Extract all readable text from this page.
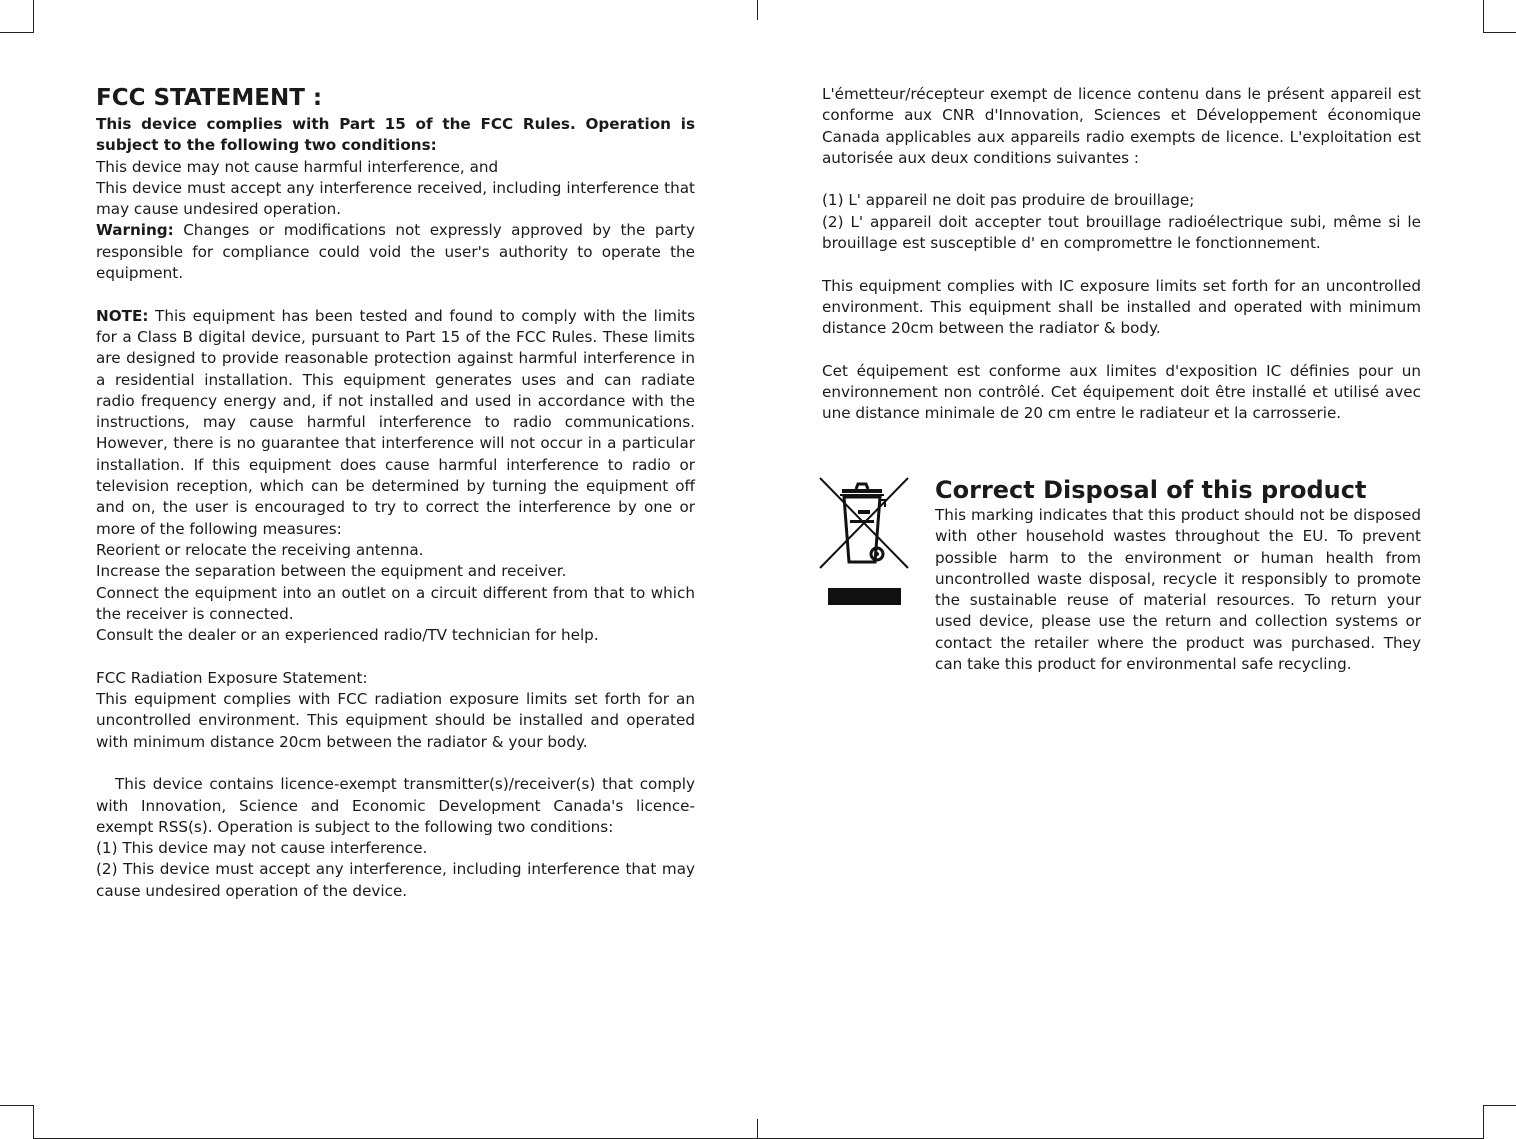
FCC STATEMENT :

This device complies with Part 15 of the FCC Rules. Operation is subject to the following two conditions:

This device may not cause harmful interference, and

This device must accept any interference received, including interference that may cause undesired operation.

Warning: Changes or modifications not expressly approved by the party responsible for compliance could void the user's authority to operate the equipment.

NOTE: This equipment has been tested and found to comply with the limits for a Class B digital device, pursuant to Part 15 of the FCC Rules. These limits are designed to provide reasonable protection against harmful interference in a residential installation. This equipment generates uses and can radiate radio frequency energy and, if not installed and used in accordance with the instructions, may cause harmful interference to radio communications. However, there is no guarantee that interference will not occur in a particular installation. If this equipment does cause harmful interference to radio or television reception, which can be determined by turning the equipment off and on, the user is encouraged to try to correct the interference by one or more of the following measures:

Reorient or relocate the receiving antenna.

Increase the separation between the equipment and receiver.

Connect the equipment into an outlet on a circuit different from that to which the receiver is connected.

Consult the dealer or an experienced radio/TV technician for help.

FCC Radiation Exposure Statement:

This equipment complies with FCC radiation exposure limits set forth for an uncontrolled environment. This equipment should be installed and operated with minimum distance 20cm between the radiator & your body.

This device contains licence-exempt transmitter(s)/receiver(s) that comply with Innovation, Science and Economic Development Canada's licence-exempt RSS(s). Operation is subject to the following two conditions:

(1) This device may not cause interference.

(2) This device must accept any interference, including interference that may cause undesired operation of the device.

L'émetteur/récepteur exempt de licence contenu dans le présent appareil est conforme aux CNR d'Innovation, Sciences et Développement économique Canada applicables aux appareils radio exempts de licence. L'exploitation est autorisée aux deux conditions suivantes :

(1) L' appareil ne doit pas produire de brouillage;

(2) L' appareil doit accepter tout brouillage radioélectrique subi, même si le brouillage est susceptible d' en compromettre le fonctionnement.

This equipment complies with IC exposure limits set forth for an uncontrolled environment. This equipment shall be installed and operated with minimum distance 20cm between the radiator & body.

Cet équipement est conforme aux limites d'exposition IC définies pour un environnement non contrôlé. Cet équipement doit être installé et utilisé avec une distance minimale de 20 cm entre le radiateur et la carrosserie.

Correct Disposal of this product

This marking indicates that this product should not be disposed with other household wastes throughout the EU. To prevent possible harm to the environment or human health from uncontrolled waste disposal, recycle it responsibly to promote the sustainable reuse of material resources. To return your used device, please use the return and collection systems or contact the retailer where the product was purchased. They can take this product for environmental safe recycling.
